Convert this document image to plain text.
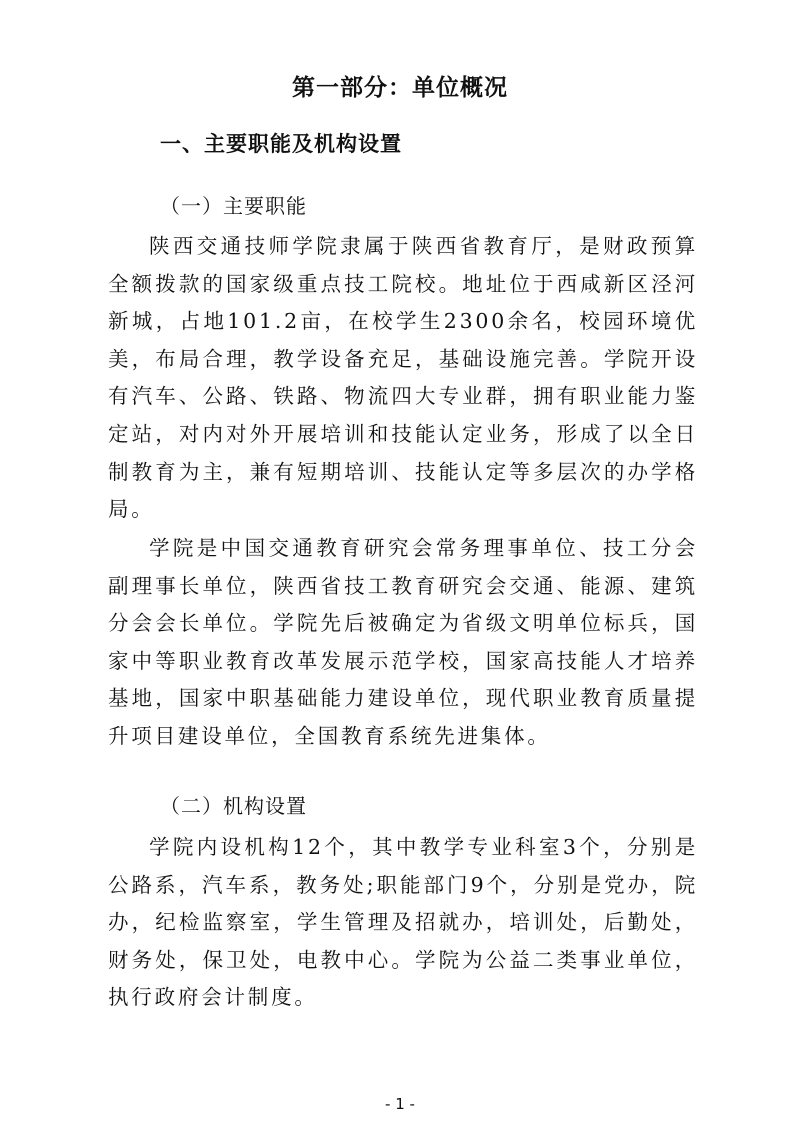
第一部分：单位概况
一、主要职能及机构设置
（一）主要职能

陕西交通技师学院隶属于陕西省教育厅，是财政预算全额拨款的国家级重点技工院校。地址位于西咸新区泾河新城，占地101.2亩，在校学生2300余名，校园环境优美，布局合理，教学设备充足，基础设施完善。学院开设有汽车、公路、铁路、物流四大专业群，拥有职业能力鉴定站，对内对外开展培训和技能认定业务，形成了以全日制教育为主，兼有短期培训、技能认定等多层次的办学格局。

学院是中国交通教育研究会常务理事单位、技工分会副理事长单位，陕西省技工教育研究会交通、能源、建筑分会会长单位。学院先后被确定为省级文明单位标兵，国家中等职业教育改革发展示范学校，国家高技能人才培养基地，国家中职基础能力建设单位，现代职业教育质量提升项目建设单位，全国教育系统先进集体。

（二）机构设置

学院内设机构12个，其中教学专业科室3个，分别是公路系，汽车系，教务处;职能部门9个，分别是党办，院办，纪检监察室，学生管理及招就办，培训处，后勤处，财务处，保卫处，电教中心。学院为公益二类事业单位，执行政府会计制度。

- 1 -
